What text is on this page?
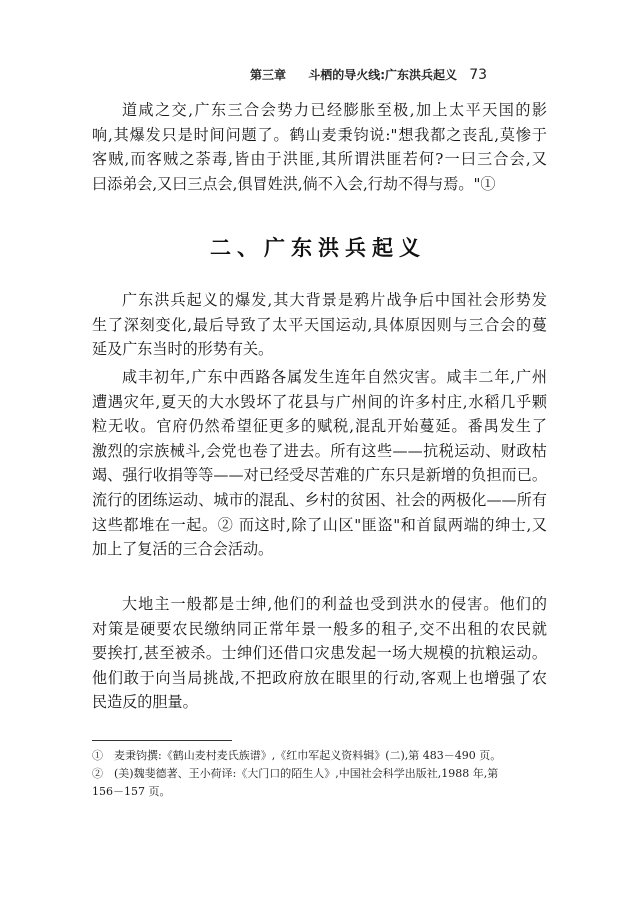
第三章 斗栖的导火线:广东洪兵起义 73
道咸之交,广东三合会势力已经膨胀至极,加上太平天国的影
响,其爆发只是时间问题了。鹤山麦秉钧说:"想我都之丧乱,莫惨于
客贼,而客贼之荼毒,皆由于洪匪,其所谓洪匪若何?一曰三合会,又
曰添弟会,又曰三点会,俱冒姓洪,倘不入会,行劫不得与焉。"①
二、广东洪兵起义
广东洪兵起义的爆发,其大背景是鸦片战争后中国社会形势发
生了深刻变化,最后导致了太平天国运动,具体原因则与三合会的蔓
延及广东当时的形势有关。
咸丰初年,广东中西路各属发生连年自然灾害。咸丰二年,广州
遭遇灾年,夏天的大水毁坏了花县与广州间的许多村庄,水稻几乎颗
粒无收。官府仍然希望征更多的赋税,混乱开始蔓延。番禺发生了
激烈的宗族械斗,会党也卷了进去。所有这些——抗税运动、财政枯
竭、强行收捐等等——对已经受尽苦难的广东只是新增的负担而已。
流行的团练运动、城市的混乱、乡村的贫困、社会的两极化——所有
这些都堆在一起。② 而这时,除了山区"匪盗"和首鼠两端的绅士,又
加上了复活的三合会活动。
大地主一般都是士绅,他们的利益也受到洪水的侵害。他们的
对策是硬要农民缴纳同正常年景一般多的租子,交不出租的农民就
要挨打,甚至被杀。士绅们还借口灾患发起一场大规模的抗粮运动。
他们敢于向当局挑战,不把政府放在眼里的行动,客观上也增强了农
民造反的胆量。
①　麦秉钧撰:《鹤山麦村麦氏族谱》,《红巾军起义资料辑》(二),第 483－490 页。
②　(美)魏斐德著、王小荷译:《大门口的陌生人》,中国社会科学出版社,1988 年,第
156－157 页。
